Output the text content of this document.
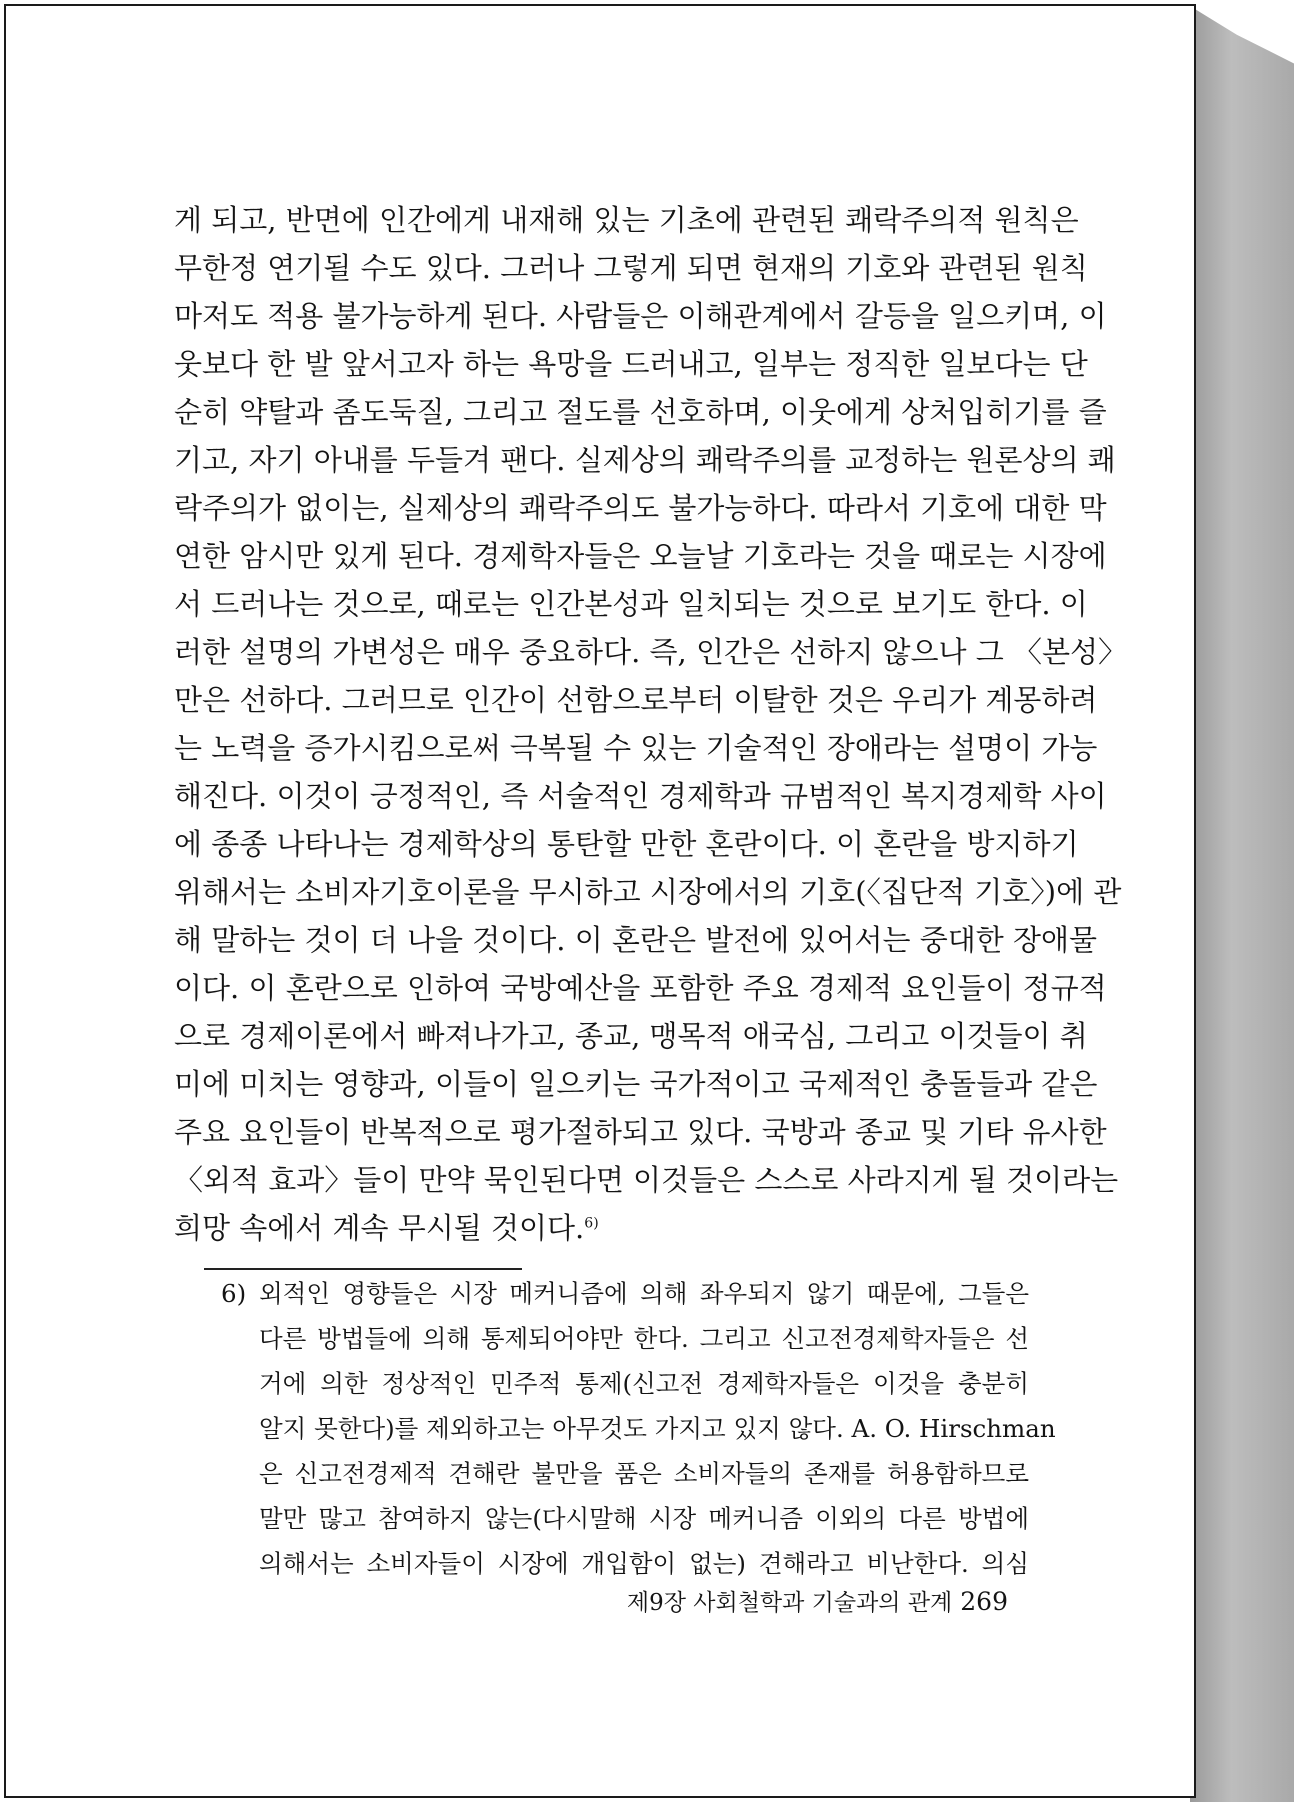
게 되고, 반면에 인간에게 내재해 있는 기초에 관련된 쾌락주의적 원칙은
무한정 연기될 수도 있다. 그러나 그렇게 되면 현재의 기호와 관련된 원칙
마저도 적용 불가능하게 된다. 사람들은 이해관계에서 갈등을 일으키며, 이
웃보다 한 발 앞서고자 하는 욕망을 드러내고, 일부는 정직한 일보다는 단
순히 약탈과 좀도둑질, 그리고 절도를 선호하며, 이웃에게 상처입히기를 즐
기고, 자기 아내를 두들겨 팬다. 실제상의 쾌락주의를 교정하는 원론상의 쾌
락주의가 없이는, 실제상의 쾌락주의도 불가능하다. 따라서 기호에 대한 막
연한 암시만 있게 된다. 경제학자들은 오늘날 기호라는 것을 때로는 시장에
서 드러나는 것으로, 때로는 인간본성과 일치되는 것으로 보기도 한다. 이
러한 설명의 가변성은 매우 중요하다. 즉, 인간은 선하지 않으나 그 〈본성〉
만은 선하다. 그러므로 인간이 선함으로부터 이탈한 것은 우리가 계몽하려
는 노력을 증가시킴으로써 극복될 수 있는 기술적인 장애라는 설명이 가능
해진다. 이것이 긍정적인, 즉 서술적인 경제학과 규범적인 복지경제학 사이
에 종종 나타나는 경제학상의 통탄할 만한 혼란이다. 이 혼란을 방지하기
위해서는 소비자기호이론을 무시하고 시장에서의 기호(〈집단적 기호〉)에 관
해 말하는 것이 더 나을 것이다. 이 혼란은 발전에 있어서는 중대한 장애물
이다. 이 혼란으로 인하여 국방예산을 포함한 주요 경제적 요인들이 정규적
으로 경제이론에서 빠져나가고, 종교, 맹목적 애국심, 그리고 이것들이 취
미에 미치는 영향과, 이들이 일으키는 국가적이고 국제적인 충돌들과 같은
주요 요인들이 반복적으로 평가절하되고 있다. 국방과 종교 및 기타 유사한
〈외적 효과〉들이 만약 묵인된다면 이것들은 스스로 사라지게 될 것이라는
희망 속에서 계속 무시될 것이다.$^{6)}$
6) 외적인 영향들은 시장 메커니즘에 의해 좌우되지 않기 때문에, 그들은
다른 방법들에 의해 통제되어야만 한다. 그리고 신고전경제학자들은 선
거에 의한 정상적인 민주적 통제(신고전 경제학자들은 이것을 충분히
알지 못한다)를 제외하고는 아무것도 가지고 있지 않다. A. O. Hirschman
은 신고전경제적 견해란 불만을 품은 소비자들의 존재를 허용함하므로
말만 많고 참여하지 않는(다시말해 시장 메커니즘 이외의 다른 방법에
의해서는 소비자들이 시장에 개입함이 없는) 견해라고 비난한다. 의심
제9장 사회철학과 기술과의 관계 269
